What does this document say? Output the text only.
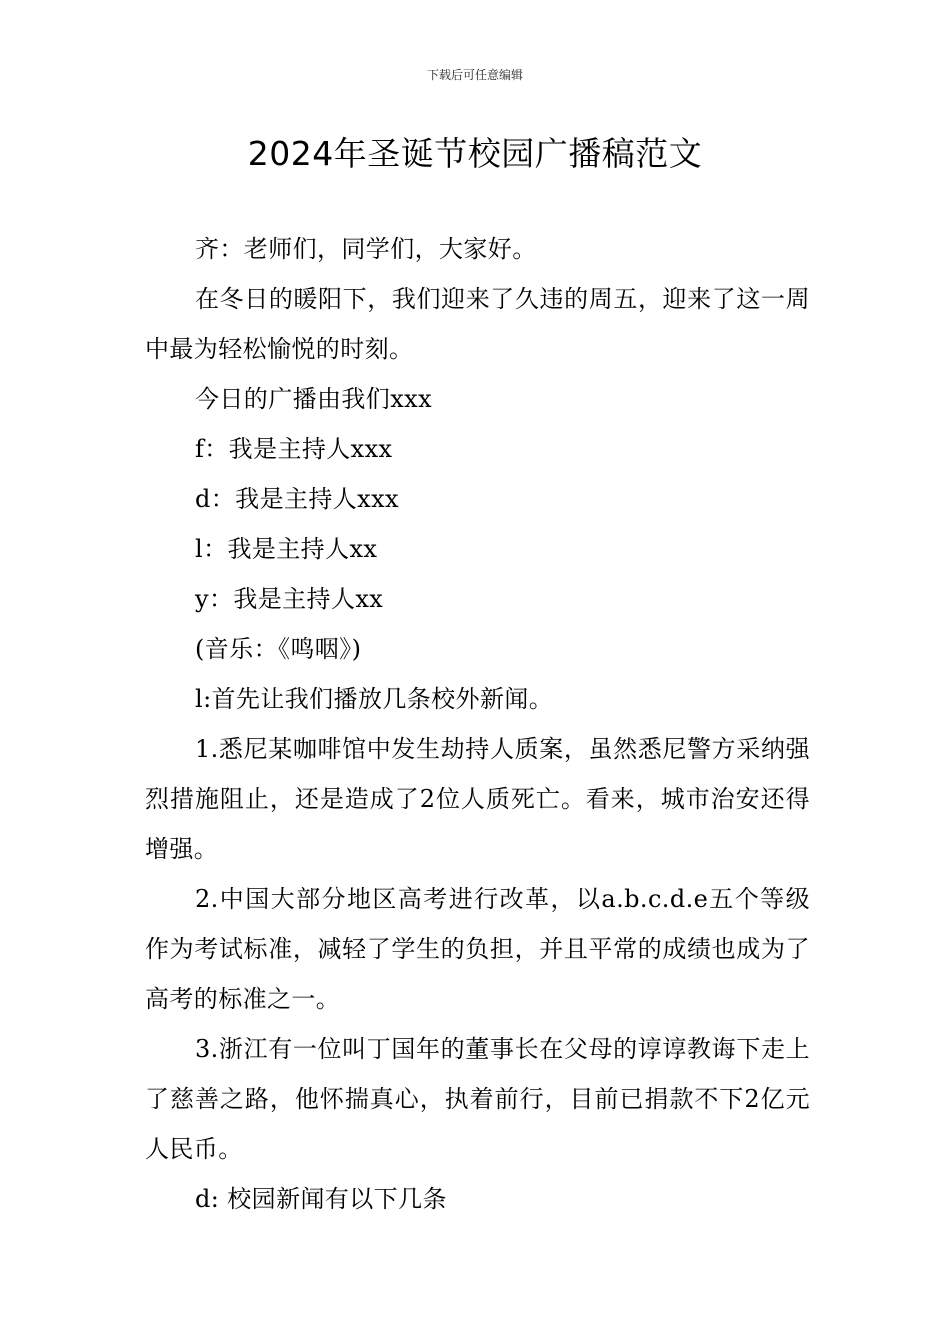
下载后可任意编辑
2024年圣诞节校园广播稿范文

齐：老师们，同学们，大家好。

在冬日的暖阳下，我们迎来了久违的周五，迎来了这一周中最为轻松愉悦的时刻。

今日的广播由我们xxx

f：我是主持人xxx

d：我是主持人xxx

l：我是主持人xx

y：我是主持人xx

(音乐：《鸣咽》)

l:首先让我们播放几条校外新闻。

1.悉尼某咖啡馆中发生劫持人质案，虽然悉尼警方采纳强烈措施阻止，还是造成了2位人质死亡。看来，城市治安还得增强。

2.中国大部分地区高考进行改革，以a.b.c.d.e五个等级作为考试标准，减轻了学生的负担，并且平常的成绩也成为了高考的标准之一。

3.浙江有一位叫丁国年的董事长在父母的谆谆教诲下走上了慈善之路，他怀揣真心，执着前行，目前已捐款不下2亿元人民币。

d: 校园新闻有以下几条
